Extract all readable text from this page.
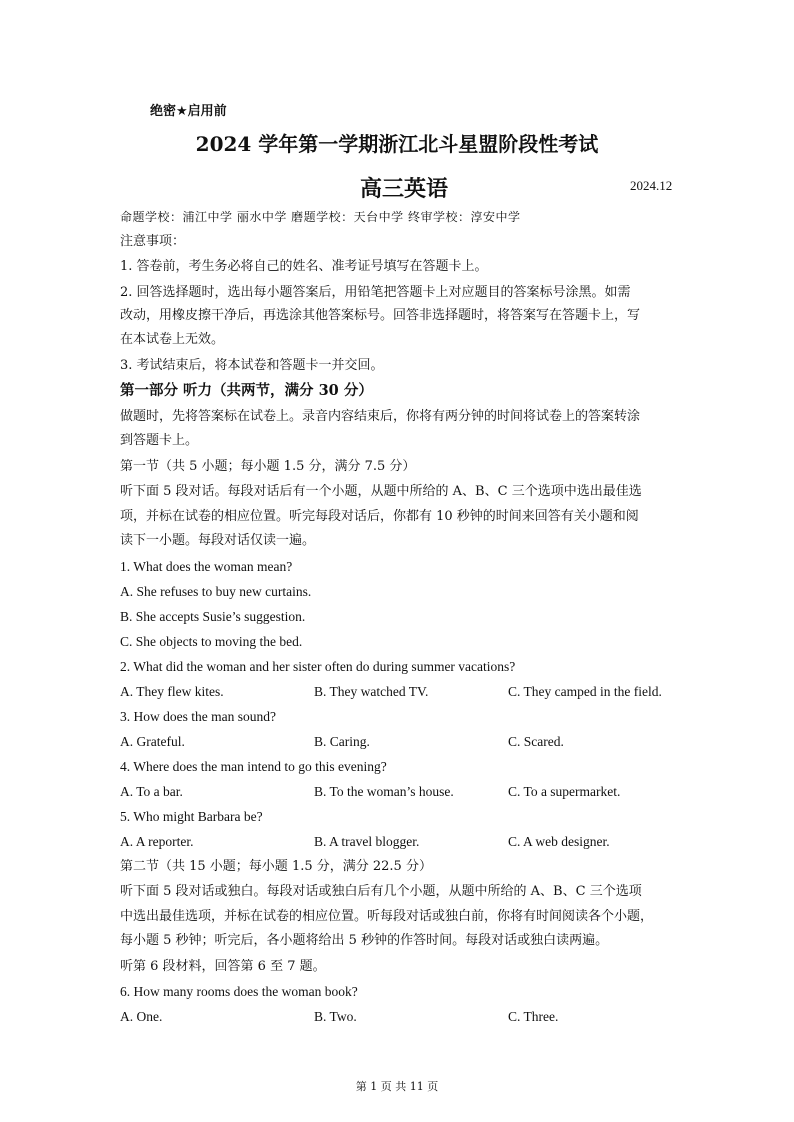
绝密★启用前
2024 学年第一学期浙江北斗星盟阶段性考试
高三英语	2024.12
命题学校：浦江中学 丽水中学 磨题学校：天台中学 终审学校：淳安中学
注意事项：
1. 答卷前，考生务必将自己的姓名、准考证号填写在答题卡上。
2. 回答选择题时，选出每小题答案后，用铅笔把答题卡上对应题目的答案标号涂黑。如需
改动，用橡皮擦干净后，再选涂其他答案标号。回答非选择题时，将答案写在答题卡上，写
在本试卷上无效。
3. 考试结束后，将本试卷和答题卡一并交回。
第一部分 听力（共两节，满分 30 分）
做题时，先将答案标在试卷上。录音内容结束后，你将有两分钟的时间将试卷上的答案转涂
到答题卡上。
第一节（共 5 小题；每小题 1.5 分，满分 7.5 分）
听下面 5 段对话。每段对话后有一个小题，从题中所给的 A、B、C 三个选项中选出最佳选
项，并标在试卷的相应位置。听完每段对话后，你都有 10 秒钟的时间来回答有关小题和阅
读下一小题。每段对话仅读一遍。
1. What does the woman mean?
A. She refuses to buy new curtains.
B. She accepts Susie’s suggestion.
C. She objects to moving the bed.
2. What did the woman and her sister often do during summer vacations?
A. They flew kites.	B. They watched TV.	C. They camped in the field.
3. How does the man sound?
A. Grateful.	B. Caring.	C. Scared.
4. Where does the man intend to go this evening?
A. To a bar.	B. To the woman’s house.	C. To a supermarket.
5. Who might Barbara be?
A. A reporter.	B. A travel blogger.	C. A web designer.
第二节（共 15 小题；每小题 1.5 分，满分 22.5 分）
听下面 5 段对话或独白。每段对话或独白后有几个小题，从题中所给的 A、B、C 三个选项
中选出最佳选项，并标在试卷的相应位置。听每段对话或独白前，你将有时间阅读各个小题，
每小题 5 秒钟；听完后，各小题将给出 5 秒钟的作答时间。每段对话或独白读两遍。
听第 6 段材料，回答第 6 至 7 题。
6. How many rooms does the woman book?
A. One.	B. Two.	C. Three.
第 1 页 共 11 页
